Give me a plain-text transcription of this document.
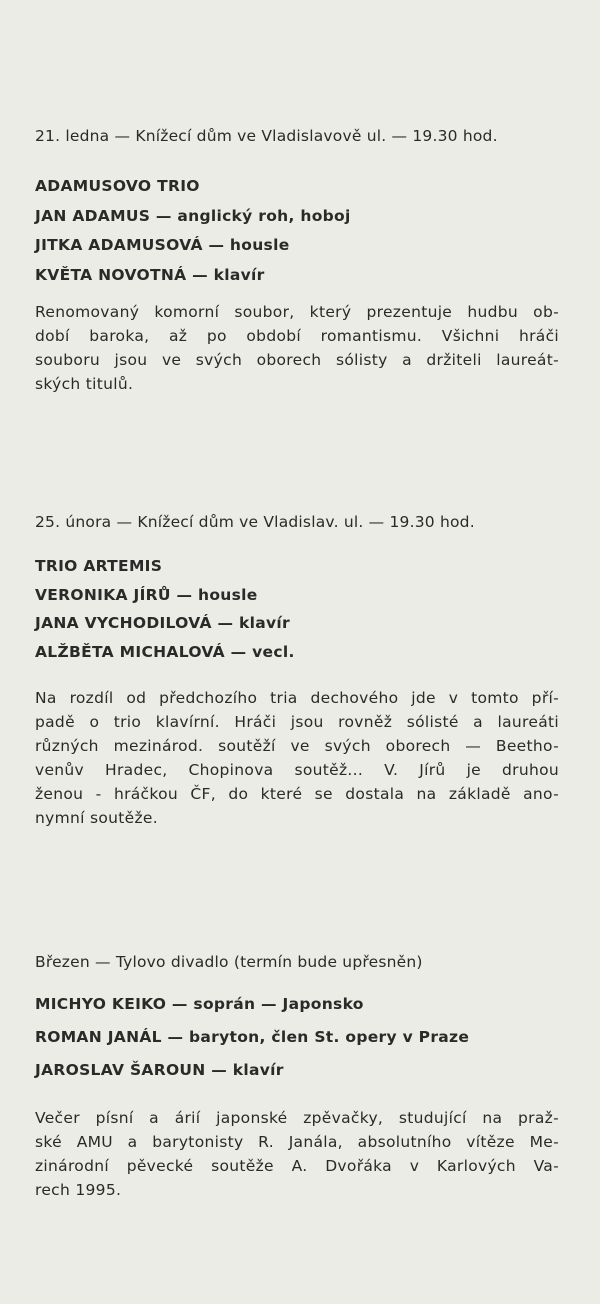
21. ledna — Knížecí dům ve Vladislavově ul. — 19.30 hod.

ADAMUSOVO TRIO
JAN ADAMUS — anglický roh, hoboj
JITKA ADAMUSOVÁ — housle
KVĚTA NOVOTNÁ — klavír

Renomovaný komorní soubor, který prezentuje hudbu ob-
dobí baroka, až po období romantismu. Všichni hráči
souboru jsou ve svých oborech sólisty a držiteli laureát-
ských titulů.

25. února — Knížecí dům ve Vladislav. ul. — 19.30 hod.

TRIO ARTEMIS
VERONIKA JÍRŮ — housle
JANA VYCHODILOVÁ — klavír
ALŽBĚTA MICHALOVÁ — vecl.

Na rozdíl od předchozího tria dechového jde v tomto pří-
padě o trio klavírní. Hráči jsou rovněž sólisté a laureáti
různých mezinárod. soutěží ve svých oborech — Beetho-
venův Hradec, Chopinova soutěž... V. Jírů je druhou
ženou - hráčkou ČF, do které se dostala na základě ano-
nymní soutěže.

Březen — Tylovo divadlo (termín bude upřesněn)

MICHYO KEIKO — soprán — Japonsko
ROMAN JANÁL — baryton, člen St. opery v Praze
JAROSLAV ŠAROUN — klavír

Večer písní a árií japonské zpěvačky, studující na praž-
ské AMU a barytonisty R. Janála, absolutního vítěze Me-
zinárodní pěvecké soutěže A. Dvořáka v Karlových Va-
rech 1995.
